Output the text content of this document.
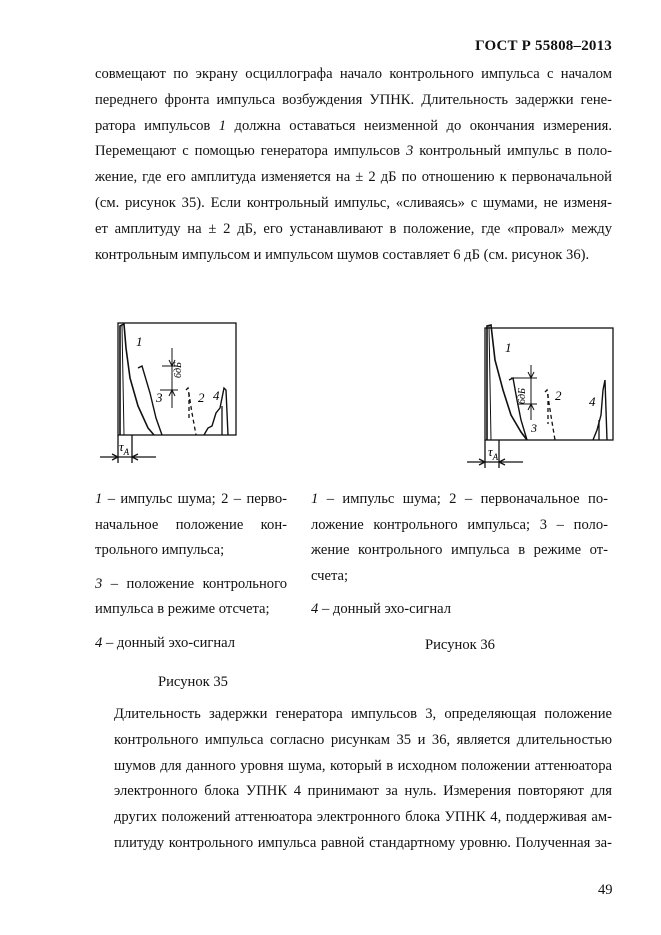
ГОСТ Р 55808–2013
совмещают по экрану осциллографа начало контрольного импульса с началом
переднего фронта импульса возбуждения УПНК. Длительность задержки гене-
ратора импульсов 1 должна оставаться неизменной до окончания измерения.
Перемещают с помощью генератора импульсов 3 контрольный импульс в поло-
жение, где его амплитуда изменяется на ± 2 дБ по отношению к первоначальной
(см. рисунок 35). Если контрольный импульс, «сливаясь» с шумами, не изменя-
ет амплитуду на ± 2 дБ, его устанавливают в положение, где «провал» между
контрольным импульсом и импульсом шумов составляет 6 дБ (см. рисунок 36).
1
6дБ
3	2 4
$\tau_А$
1
6дБ 2
3
4
$\tau_А$
1 – импульс шума; 2 – перво-
начальное положение кон-
трольного импульса;
3 – положение контрольного
импульса в режиме отсчета;
4 – донный эхо-сигнал
1 – импульс шума; 2 – первоначальное по-
ложение контрольного импульса; 3 – поло-
жение контрольного импульса в режиме от-
счета;
4 – донный эхо-сигнал
Рисунок 36
Рисунок 35
Длительность задержки генератора импульсов 3, определяющая положение
контрольного импульса согласно рисункам 35 и 36, является длительностью
шумов для данного уровня шума, который в исходном положении аттенюатора
электронного блока УПНК 4 принимают за нуль. Измерения повторяют для
других положений аттенюатора электронного блока УПНК 4, поддерживая ам-
плитуду контрольного импульса равной стандартному уровню. Полученная за-
49
